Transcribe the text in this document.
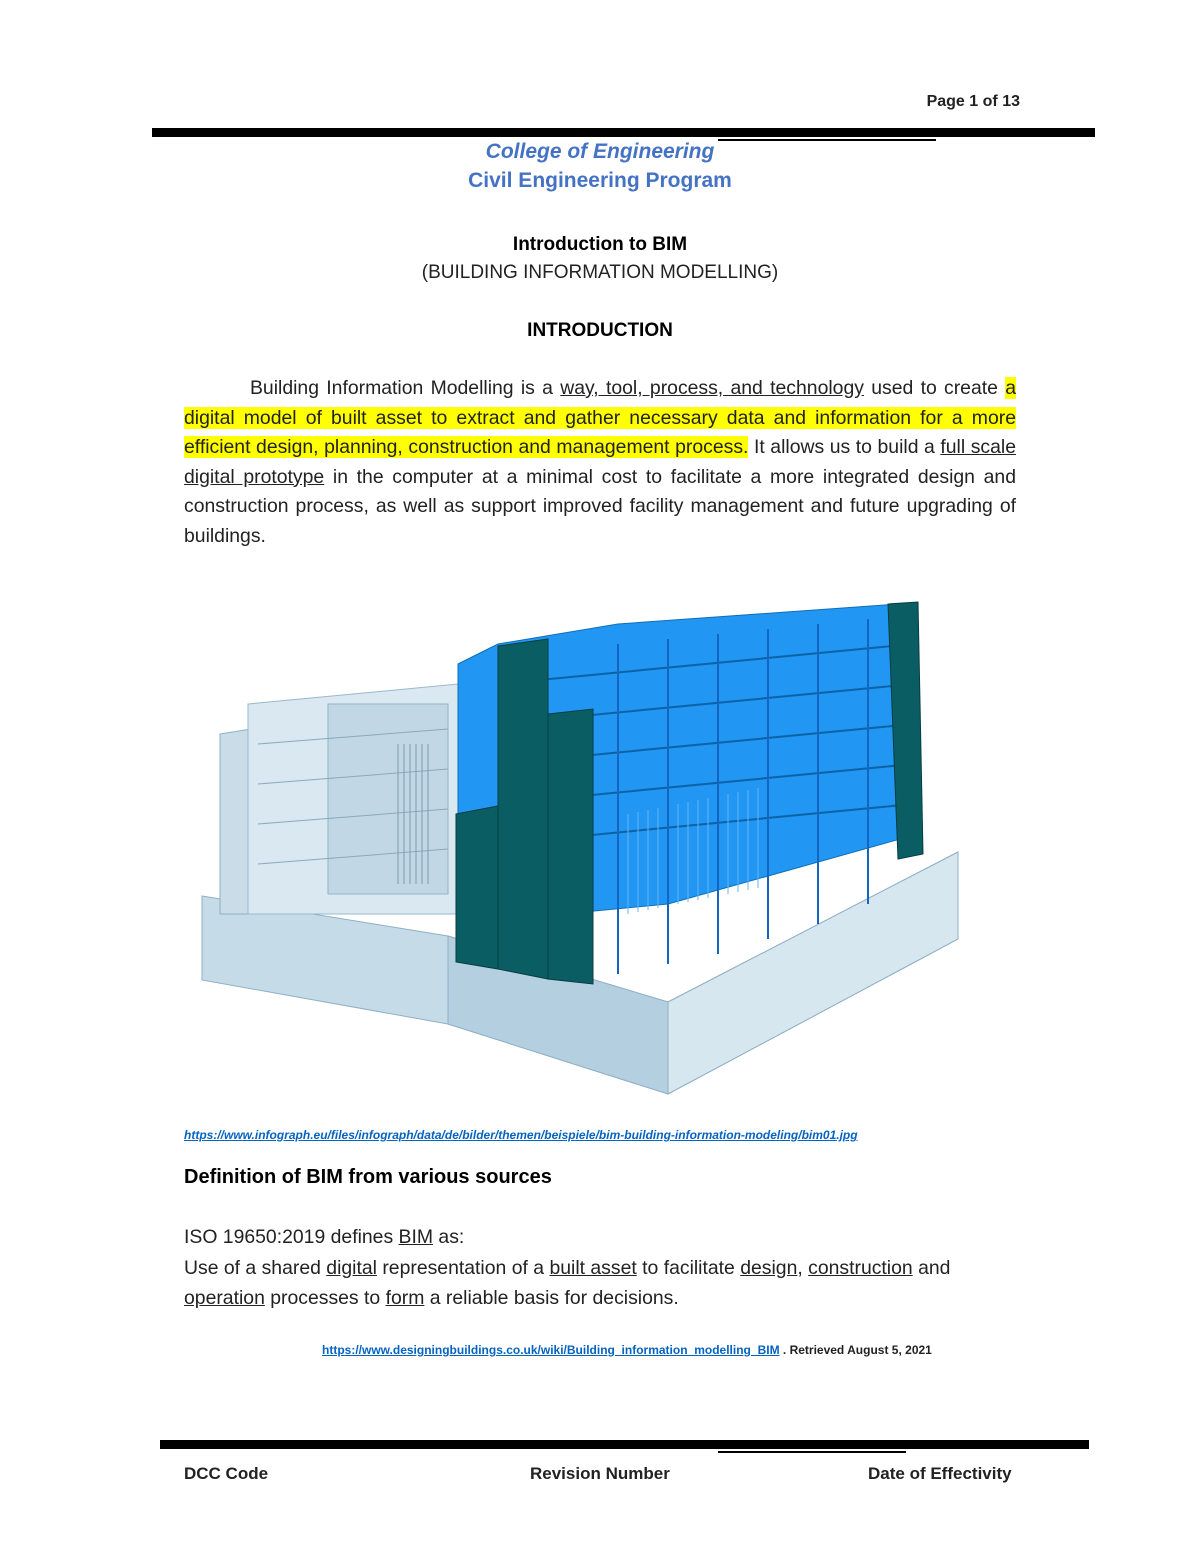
Page 1 of 13
College of Engineering
Civil Engineering Program
Introduction to BIM
(BUILDING INFORMATION MODELLING)
INTRODUCTION
Building Information Modelling is a way, tool, process, and technology used to create a digital model of built asset to extract and gather necessary data and information for a more efficient design, planning, construction and management process. It allows us to build a full scale digital prototype in the computer at a minimal cost to facilitate a more integrated design and construction process, as well as support improved facility management and future upgrading of buildings.
https://www.infograph.eu/files/infograph/data/de/bilder/themen/beispiele/bim-building-information-modeling/bim01.jpg
Definition of BIM from various sources
ISO 19650:2019 defines BIM as:
Use of a shared digital representation of a built asset to facilitate design, construction and operation processes to form a reliable basis for decisions.
https://www.designingbuildings.co.uk/wiki/Building_information_modelling_BIM . Retrieved August 5, 2021
DCC Code	Revision Number	Date of Effectivity
